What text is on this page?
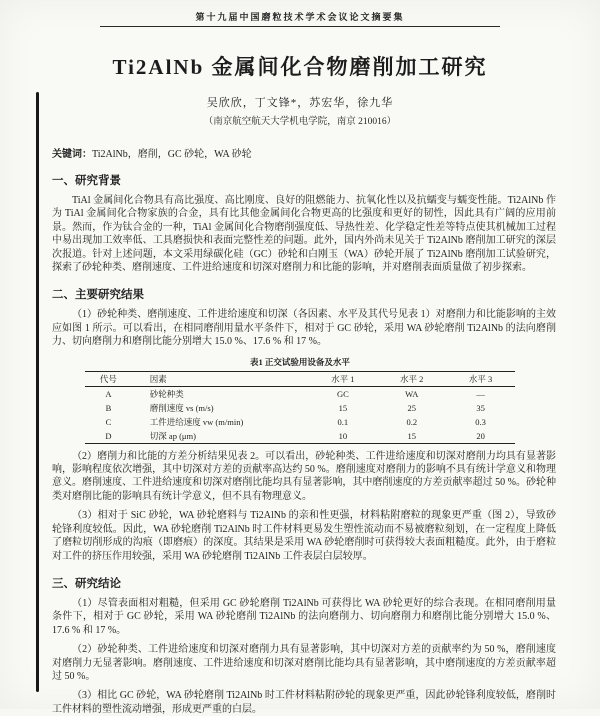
第十九届中国磨粒技术学术会议论文摘要集
Ti2AlNb 金属间化合物磨削加工研究
吴欣欣，丁文锋*，苏宏华，徐九华
（南京航空航天大学机电学院，南京 210016）
关键词：Ti2AlNb，磨削，GC 砂轮，WA 砂轮
一、研究背景

TiAl 金属间化合物具有高比强度、高比刚度、良好的阻燃能力、抗氧化性以及抗蠕变与蠕变性能。Ti2AlNb 作为 TiAl 金属间化合物家族的合金，具有比其他金属间化合物更高的比强度和更好的韧性，因此具有广阔的应用前景。然而，作为钛合金的一种，TiAl 金属间化合物磨削强度低、导热性差、化学稳定性差等特点使其机械加工过程中易出现加工效率低、工具磨损快和表面完整性差的问题。此外，国内外尚未见关于 Ti2AlNb 磨削加工研究的深层次报道。针对上述问题，本文采用绿碳化硅（GC）砂轮和白刚玉（WA）砂轮开展了 Ti2AlNb 磨削加工试验研究，探索了砂轮种类、磨削速度、工件进给速度和切深对磨削力和比能的影响，并对磨削表面质量做了初步探索。

二、主要研究结果

（1）砂轮种类、磨削速度、工件进给速度和切深（各因素、水平及其代号见表 1）对磨削力和比能影响的主效应如图 1 所示。可以看出，在相同磨削用量水平条件下，相对于 GC 砂轮，采用 WA 砂轮磨削 Ti2AlNb 的法向磨削力、切向磨削力和磨削比能分别增大 15.0 %、17.6 % 和 17 %。

表1 正交试验用设备及水平
代号	因素	水平 1	水平 2	水平 3
A	砂轮种类	GC	WA	—
B	磨削速度 vs (m/s)	15	25	35
C	工件进给速度 vw (m/min)	0.1	0.2	0.3
D	切深 ap (μm)	10	15	20

（2）磨削力和比能的方差分析结果见表 2。可以看出，砂轮种类、工件进给速度和切深对磨削力均具有显著影响，影响程度依次增强，其中切深对方差的贡献率高达约 50 %。磨削速度对磨削力的影响不具有统计学意义和物理意义。磨削速度、工件进给速度和切深对磨削比能均具有显著影响，其中磨削速度的方差贡献率超过 50 %。砂轮种类对磨削比能的影响具有统计学意义，但不具有物理意义。

（3）相对于 SiC 砂轮，WA 砂轮磨料与 Ti2AlNb 的亲和性更强，材料粘附磨粒的现象更严重（图 2），导致砂轮锋利度较低。因此，WA 砂轮磨削 Ti2AlNb 时工件材料更易发生塑性流动而不易被磨粒刻划，在一定程度上降低了磨粒切削形成的沟痕（即磨痕）的深度。其结果是采用 WA 砂轮磨削时可获得较大表面粗糙度。此外，由于磨粒对工件的挤压作用较强，采用 WA 砂轮磨削 Ti2AlNb 工件表层白层较厚。

三、研究结论

（1）尽管表面相对粗糙，但采用 GC 砂轮磨削 Ti2AlNb 可获得比 WA 砂轮更好的综合表现。在相同磨削用量条件下，相对于 GC 砂轮，采用 WA 砂轮磨削 Ti2AlNb 的法向磨削力、切向磨削力和磨削比能分别增大 15.0 %、17.6 % 和 17 %。

（2）砂轮种类、工件进给速度和切深对磨削力具有显著影响，其中切深对方差的贡献率约为 50 %，磨削速度对磨削力无显著影响。磨削速度、工件进给速度和切深对磨削比能均具有显著影响，其中磨削速度的方差贡献率超过 50 %。

（3）相比 GC 砂轮，WA 砂轮磨削 Ti2AlNb 时工件材料粘附砂轮的现象更严重，因此砂轮锋利度较低，磨削时工件材料的塑性流动增强，形成更严重的白层。
